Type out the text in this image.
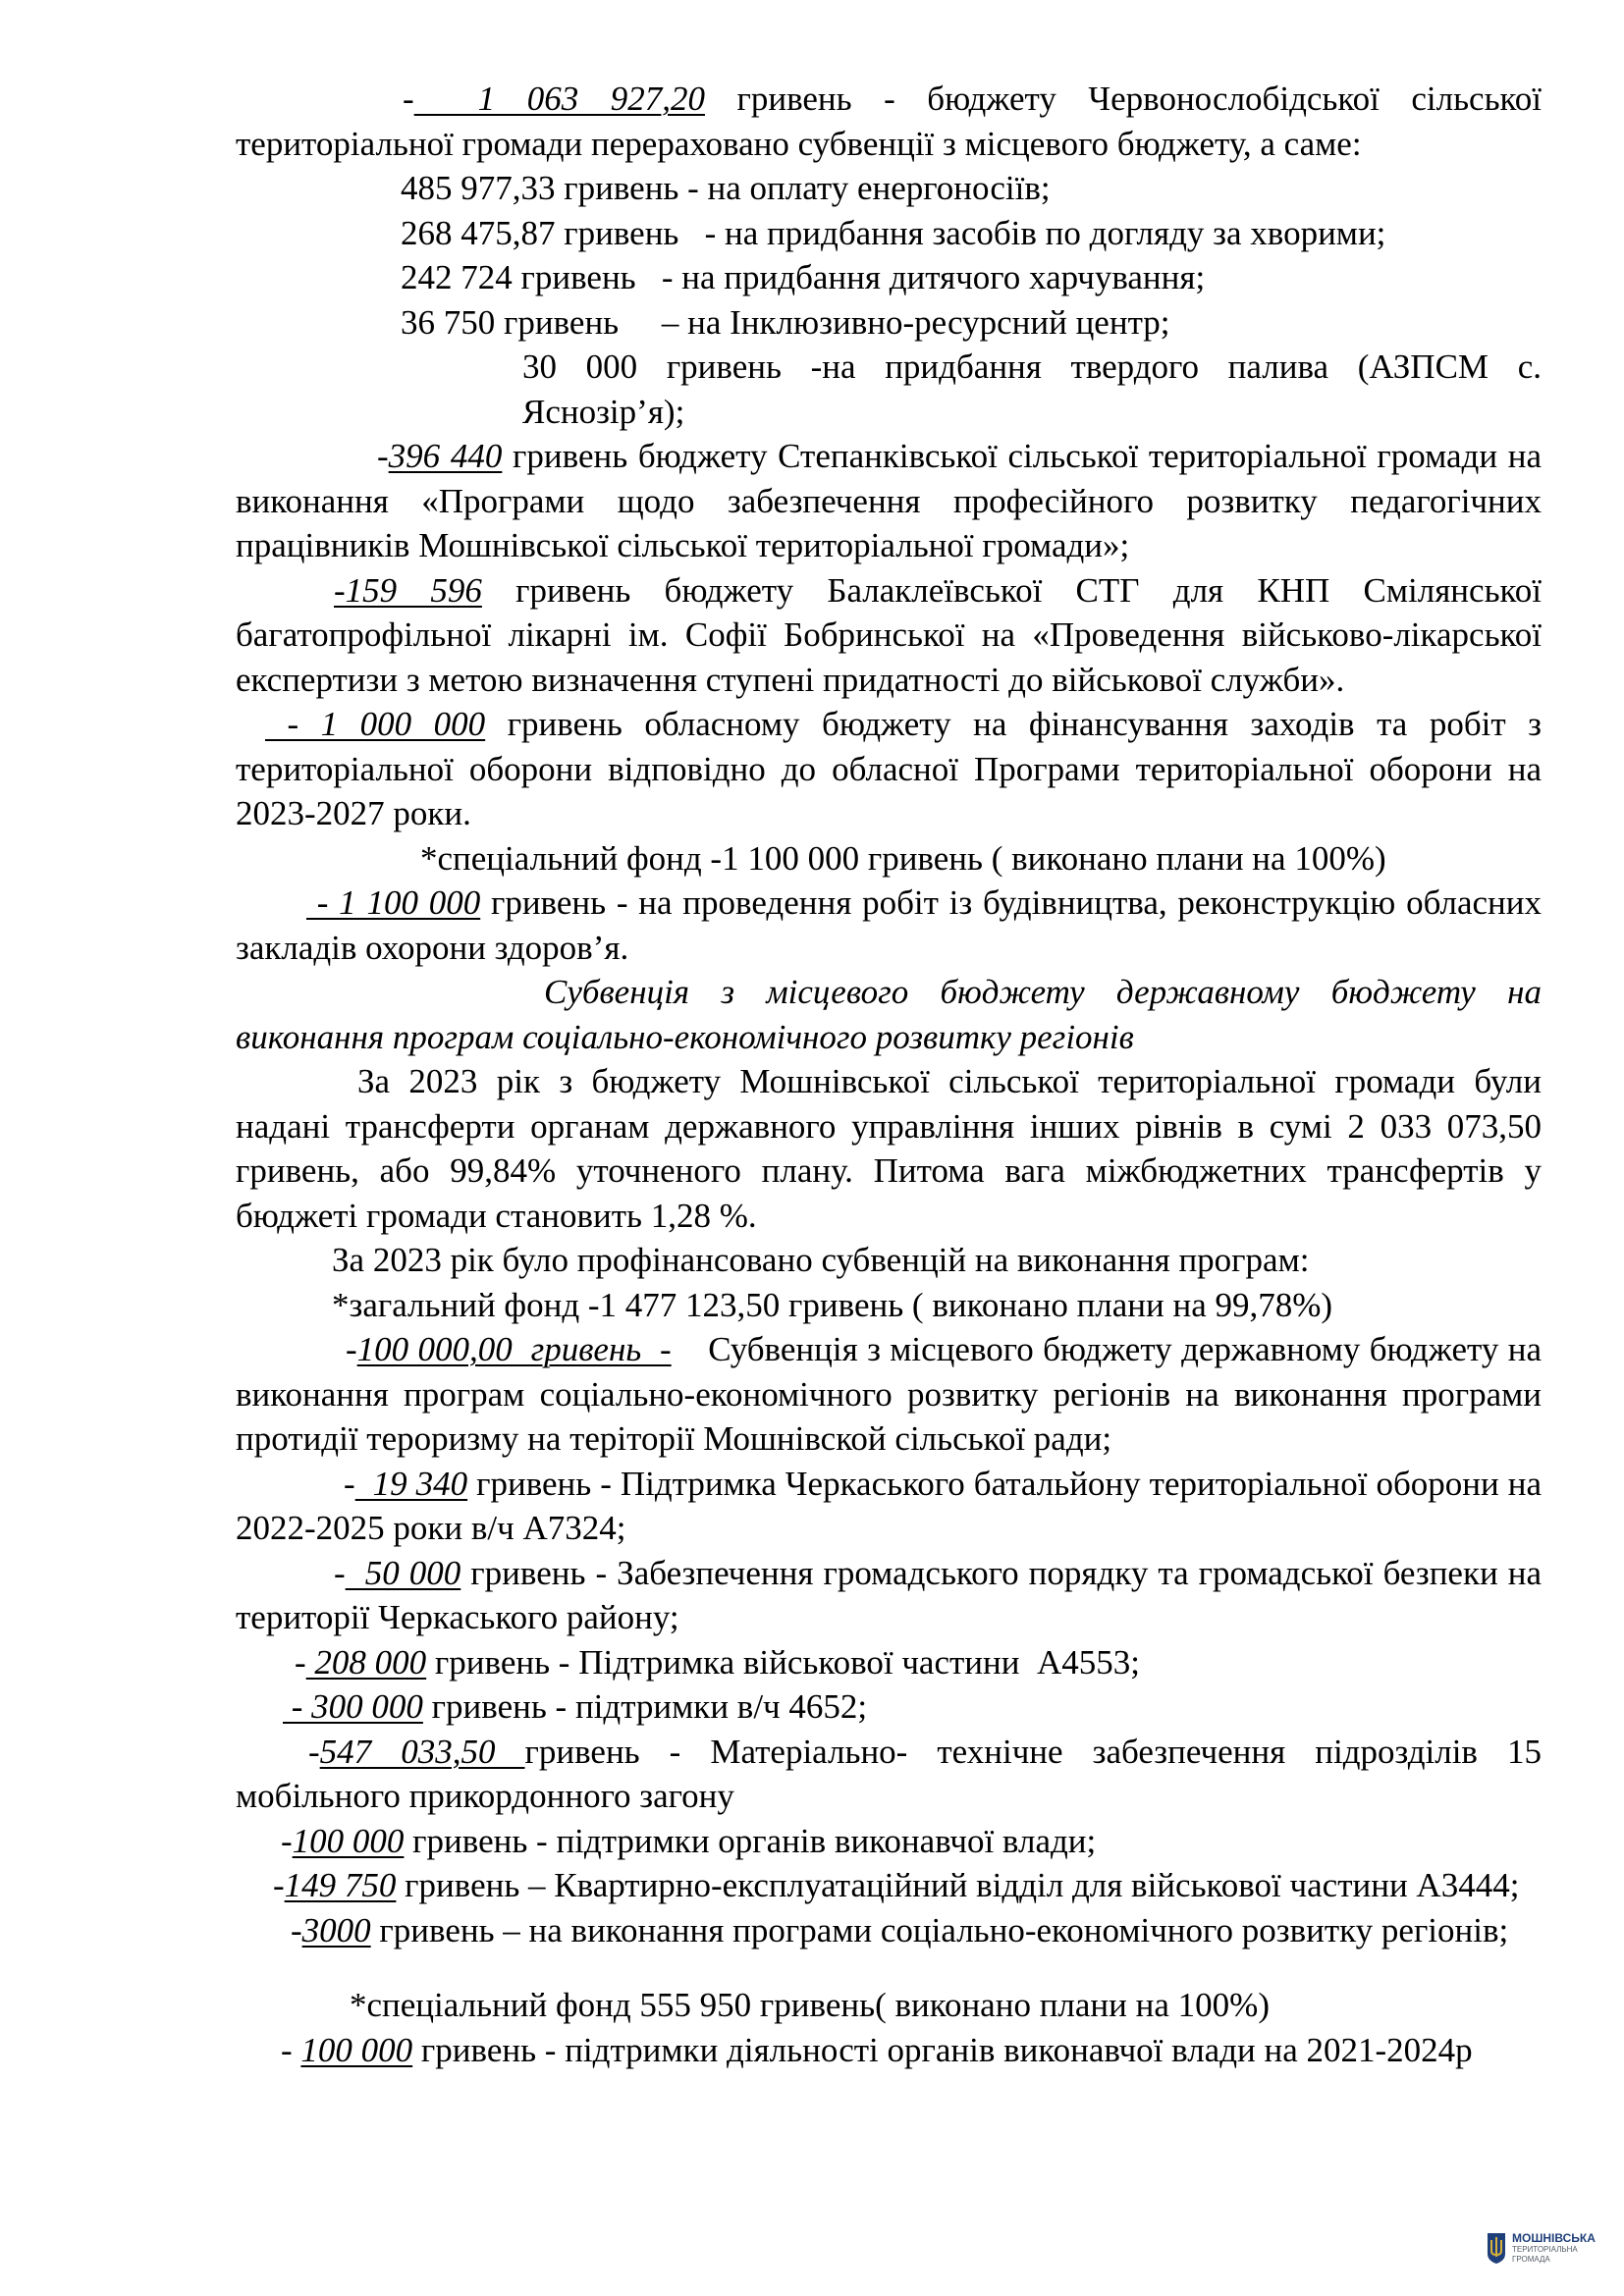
-  1 063 927,20 гривень - бюджету Червонослобідської сільської територіальної громади перераховано субвенції з місцевого бюджету, а саме:

485 977,33 гривень - на оплату енергоносіїв;

268 475,87 гривень   - на придбання засобів по догляду за хворими;

242 724 гривень   - на придбання дитячого харчування;

36 750 гривень     – на Інклюзивно-ресурсний центр;

30 000 гривень -на придбання твердого палива (АЗПСМ с. Яснозір’я);

-396 440 гривень бюджету Степанківської сільської територіальної громади на виконання «Програми щодо забезпечення професійного розвитку педагогічних працівників Мошнівської сільської територіальної громади»;

-159 596 гривень бюджету Балаклеївської СТГ для КНП Смілянської багатопрофільної лікарні ім. Софії Бобринської на «Проведення військово-лікарської експертизи з метою визначення ступені придатності до військової служби».

- 1 000 000 гривень обласному бюджету на фінансування заходів та робіт з територіальної оборони відповідно до обласної Програми територіальної оборони на 2023-2027 роки.

*спеціальний фонд -1 100 000 гривень ( виконано плани на 100%)

- 1 100 000 гривень - на проведення робіт із будівництва, реконструкцію обласних закладів охорони здоров’я.

Субвенція з місцевого бюджету державному бюджету на виконання програм соціально-економічного розвитку регіонів

За 2023 рік з бюджету Мошнівської сільської територіальної громади були надані трансферти органам державного управління інших рівнів в сумі 2 033 073,50 гривень, або 99,84% уточненого плану. Питома вага міжбюджетних трансфертів у бюджеті громади становить 1,28 %.

За 2023 рік було профінансовано субвенцій на виконання програм:

*загальний фонд -1 477 123,50 гривень ( виконано плани на 99,78%)

-100 000,00  гривень  -    Субвенція з місцевого бюджету державному бюджету на виконання програм соціально-економічного розвитку регіонів на виконання програми протидії тероризму на теріторії Мошнівской сільської ради;

-  19 340 гривень - Підтримка Черкаського батальйону територіальної оборони на 2022-2025 роки в/ч А7324;

-  50 000 гривень - Забезпечення громадського порядку та громадської безпеки на території Черкаського району;

- 208 000 гривень - Підтримка військової частини  А4553;

- 300 000 гривень - підтримки в/ч 4652;

-547 033,50 гривень - Матеріально- технічне забезпечення підрозділів 15 мобільного прикордонного загону

-100 000 гривень - підтримки органів виконавчої влади;

-149 750 гривень – Квартирно-експлуатаційний відділ для військової частини А3444;

-3000 гривень – на виконання програми соціально-економічного розвитку регіонів;

*спеціальний фонд 555 950 гривень( виконано плани на 100%)

- 100 000 гривень - підтримки діяльності органів виконавчої влади на 2021-2024р

МОШНІВСЬКА
ТЕРИТОРІАЛЬНА
ГРОМАДА
